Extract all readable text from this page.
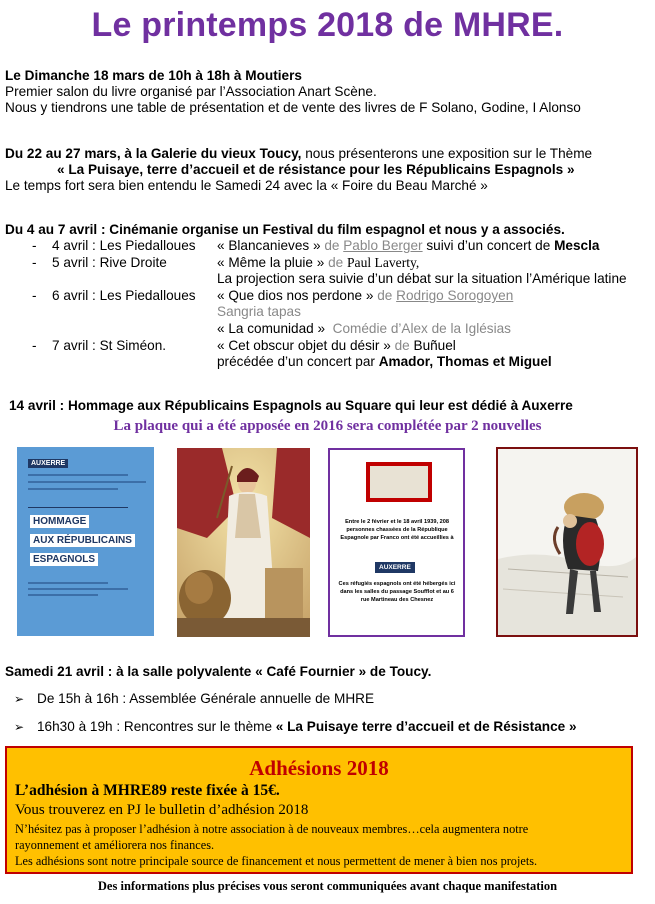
Le printemps 2018 de MHRE.
Le Dimanche 18 mars de 10h à 18h à Moutiers
Premier salon du livre organisé par l’Association Anart Scène.
Nous y tiendrons une table de présentation et de vente des livres de F Solano, Godine, I Alonso
Du 22 au 27 mars, à la Galerie du vieux Toucy, nous présenterons une exposition sur le Thème
« La Puisaye, terre d’accueil et de résistance pour les Républicains Espagnols »
Le temps fort sera bien entendu le Samedi 24 avec la « Foire du Beau Marché »
Du 4 au 7 avril : Cinémanie organise un Festival du film espagnol et nous y a associés.
- 4 avril : Les Piedalloues « Blancanieves » de Pablo Berger suivi d’un concert de Mescla
- 5 avril : Rive Droite	« Même la pluie » de Paul Laverty,
La projection sera suivie d’un débat sur la situation l’Amérique latine
- 6 avril : Les Piedalloues « Que dios nos perdone » de Rodrigo Sorogoyen
Sangria tapas
« La comunidad » Comédie d’Alex de la Iglésias
- 7 avril : St Siméon.	« Cet obscur objet du désir » de Buñuel
précédée d’un concert par Amador, Thomas et Miguel
14 avril : Hommage aux Républicains Espagnols au Square qui leur est dédié à Auxerre
La plaque qui a été apposée en 2016 sera complétée par 2 nouvelles
AUXERRE
HOMMAGE
AUX RÉPUBLICAINS
ESPAGNOLS
Entre le 2 février et le 18 avril 1939, 208 personnes chassées de la République Espagnole par Franco ont été accueillies à
AUXERRE
Ces réfugiés espagnols ont été hébergés ici dans les salles du passage Soufflot et au 6 rue Martineau des Chesnez
Samedi 21 avril : à la salle polyvalente « Café Fournier » de Toucy.
➢ De 15h à 16h : Assemblée Générale annuelle de MHRE
➢ 16h30 à 19h : Rencontres sur le thème « La Puisaye terre d’accueil et de Résistance »
Adhésions 2018
L’adhésion à MHRE89 reste fixée à 15€.
Vous trouverez en PJ le bulletin d’adhésion 2018
N’hésitez pas à proposer l’adhésion à notre association à de nouveaux membres…cela augmentera notre
rayonnement et améliorera nos finances.
Les adhésions sont notre principale source de financement et nous permettent de mener à bien nos projets.
Des informations plus précises vous seront communiquées avant chaque manifestation
